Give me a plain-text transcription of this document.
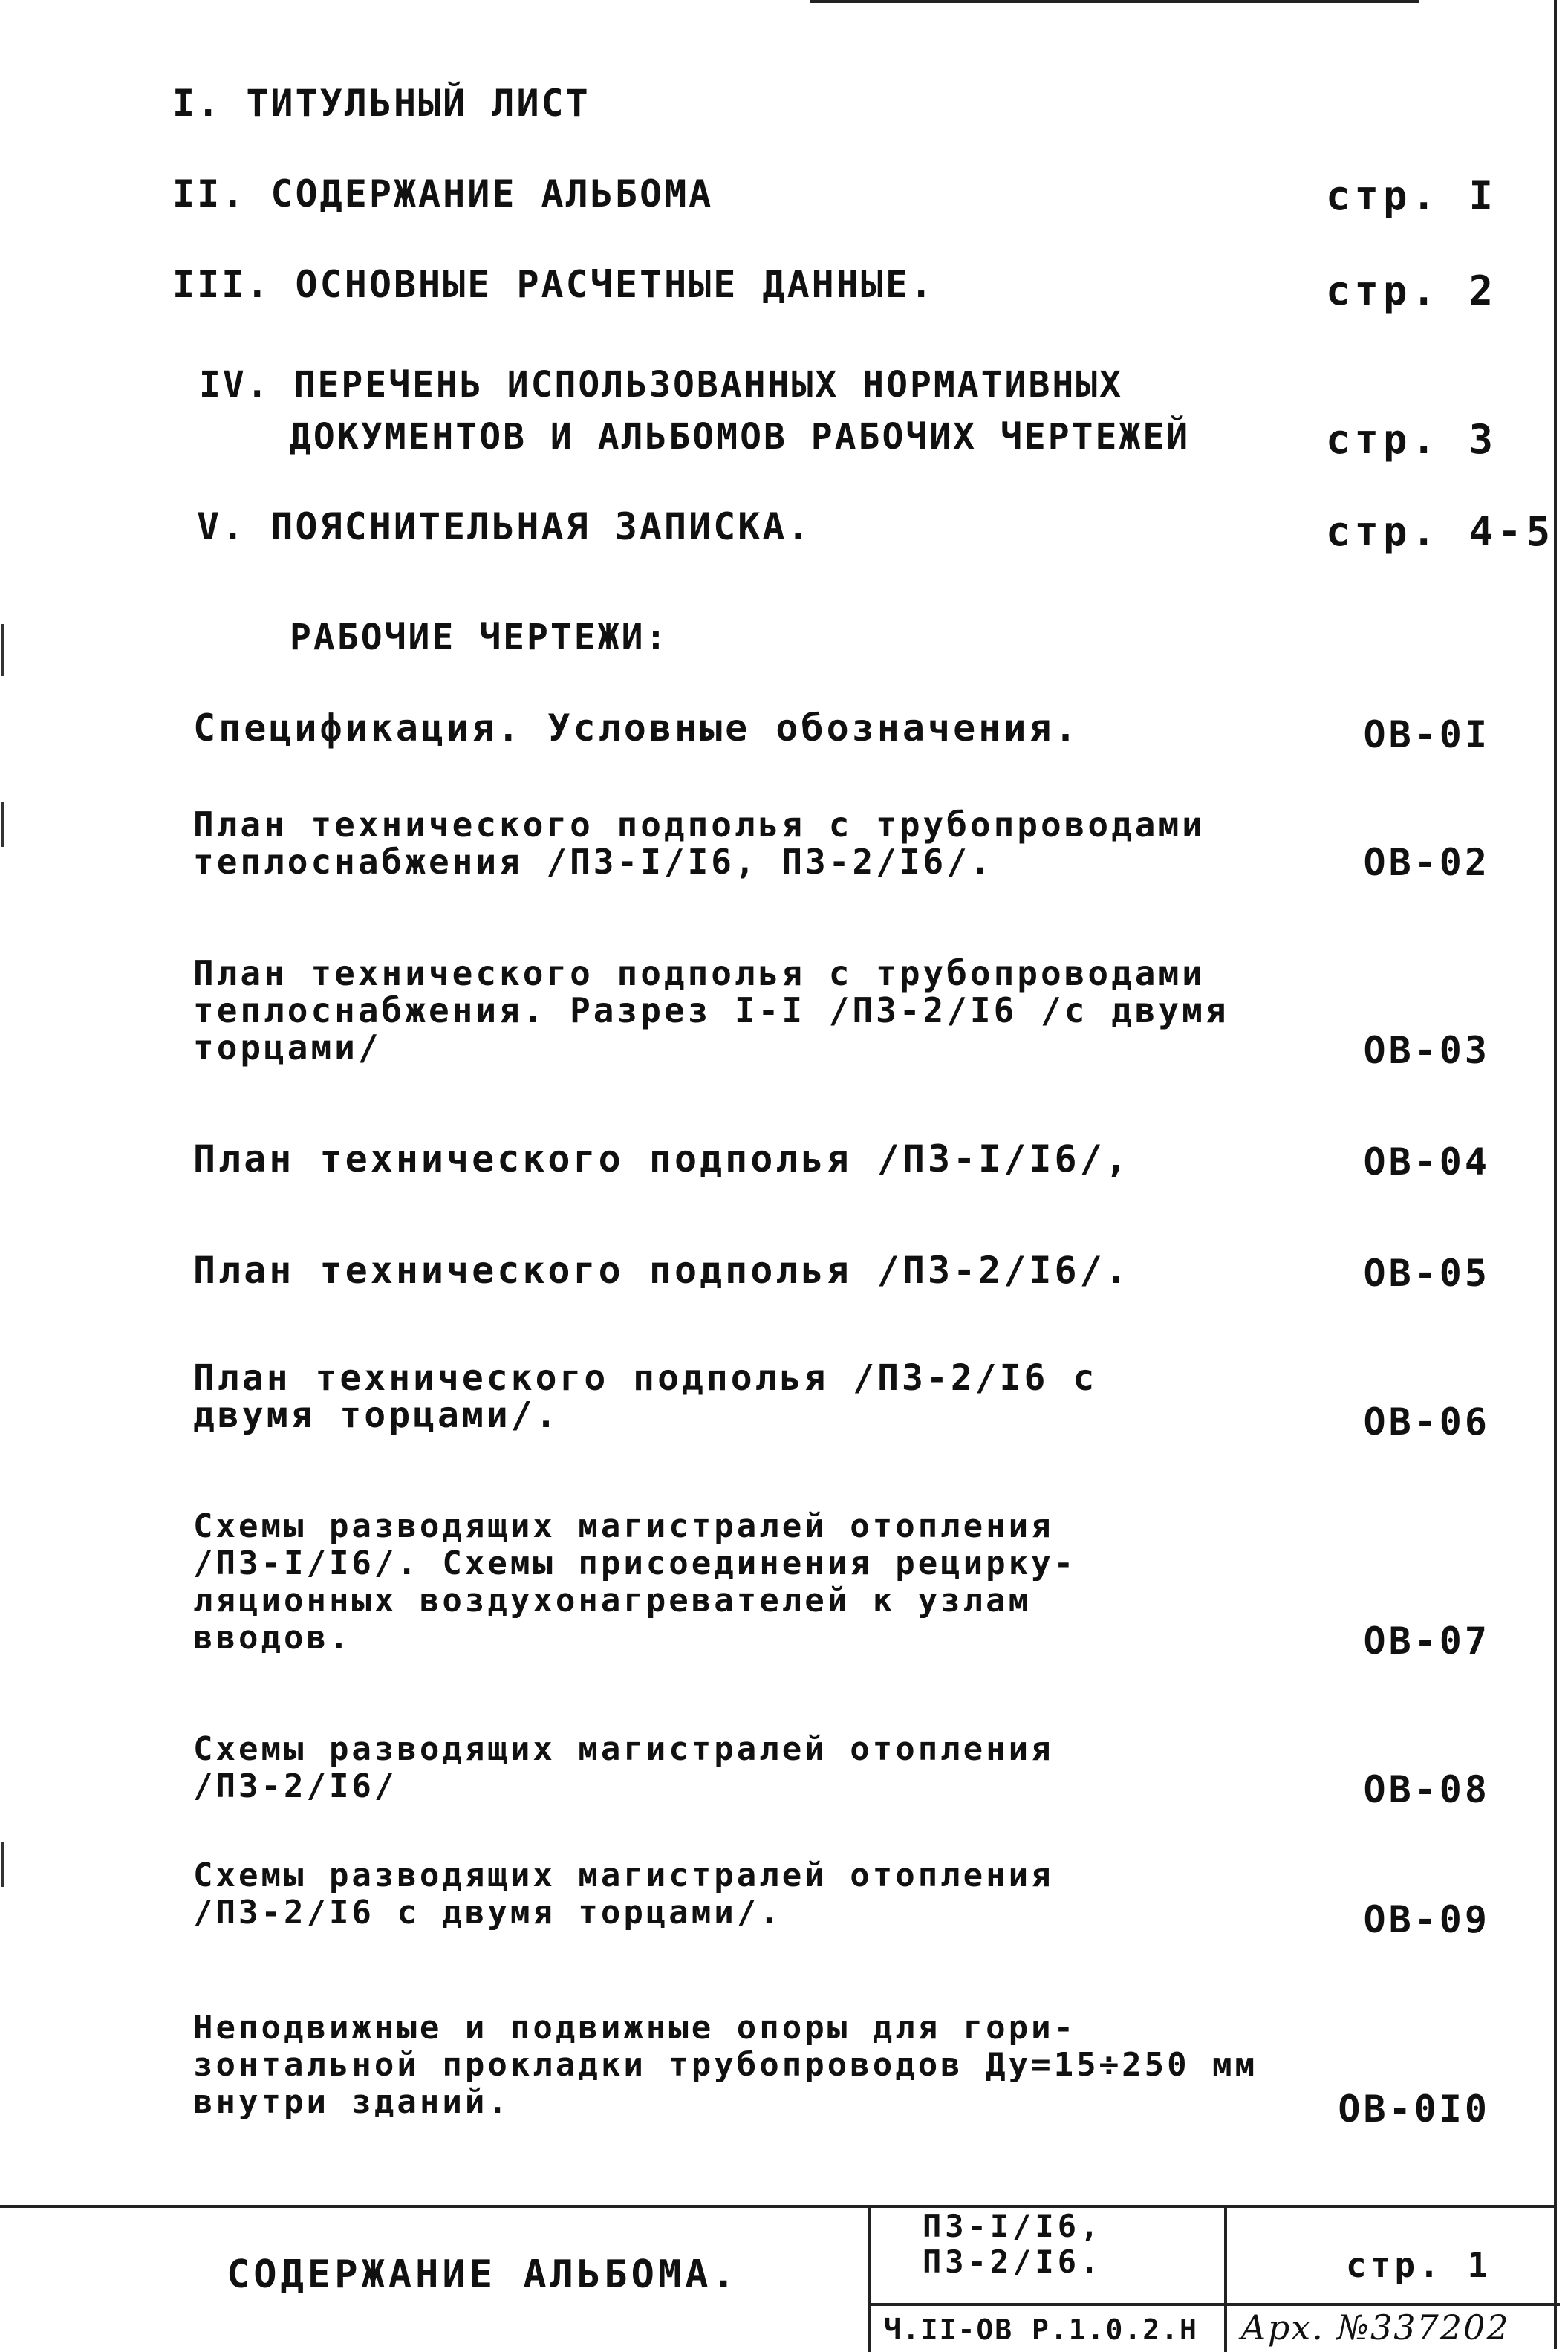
I. ТИТУЛЬНЫЙ ЛИСТ
II. СОДЕРЖАНИЕ АЛЬБОМА	стр. I
III. ОСНОВНЫЕ РАСЧЕТНЫЕ ДАННЫЕ.	стр. 2
IV. ПЕРЕЧЕНЬ ИСПОЛЬЗОВАННЫХ НОРМАТИВНЫХ
ДОКУМЕНТОВ И АЛЬБОМОВ РАБОЧИХ ЧЕРТЕЖЕЙ	стр. 3
V. ПОЯСНИТЕЛЬНАЯ ЗАПИСКА.	стр. 4-5
РАБОЧИЕ ЧЕРТЕЖИ:
Спецификация. Условные обозначения.	ОВ-0I
План технического подполья с трубопроводами
теплоснабжения /П3-I/I6, П3-2/I6/.	ОВ-02
План технического подполья с трубопроводами
теплоснабжения. Разрез I-I /П3-2/I6 /с двумя
торцами/	ОВ-03
План технического подполья /П3-I/I6/,	ОВ-04
План технического подполья /П3-2/I6/.	ОВ-05
План технического подполья /П3-2/I6 с
двумя торцами/.	ОВ-06
Схемы разводящих магистралей отопления
/П3-I/I6/. Схемы присоединения рецирку-
ляционных воздухонагревателей к узлам
вводов.	ОВ-07
Схемы разводящих магистралей отопления
/П3-2/I6/	ОВ-08
Схемы разводящих магистралей отопления
/П3-2/I6 с двумя торцами/.	ОВ-09
Неподвижные и подвижные опоры для гори-
зонтальной прокладки трубопроводов Ду=15÷250 мм
внутри зданий.	ОВ-0I0
СОДЕРЖАНИЕ АЛЬБОМА.
П3-I/I6,
П3-2/I6.
Ч.II-ОВ Р.1.0.2.Н
стр. 1
Арх. №337202
